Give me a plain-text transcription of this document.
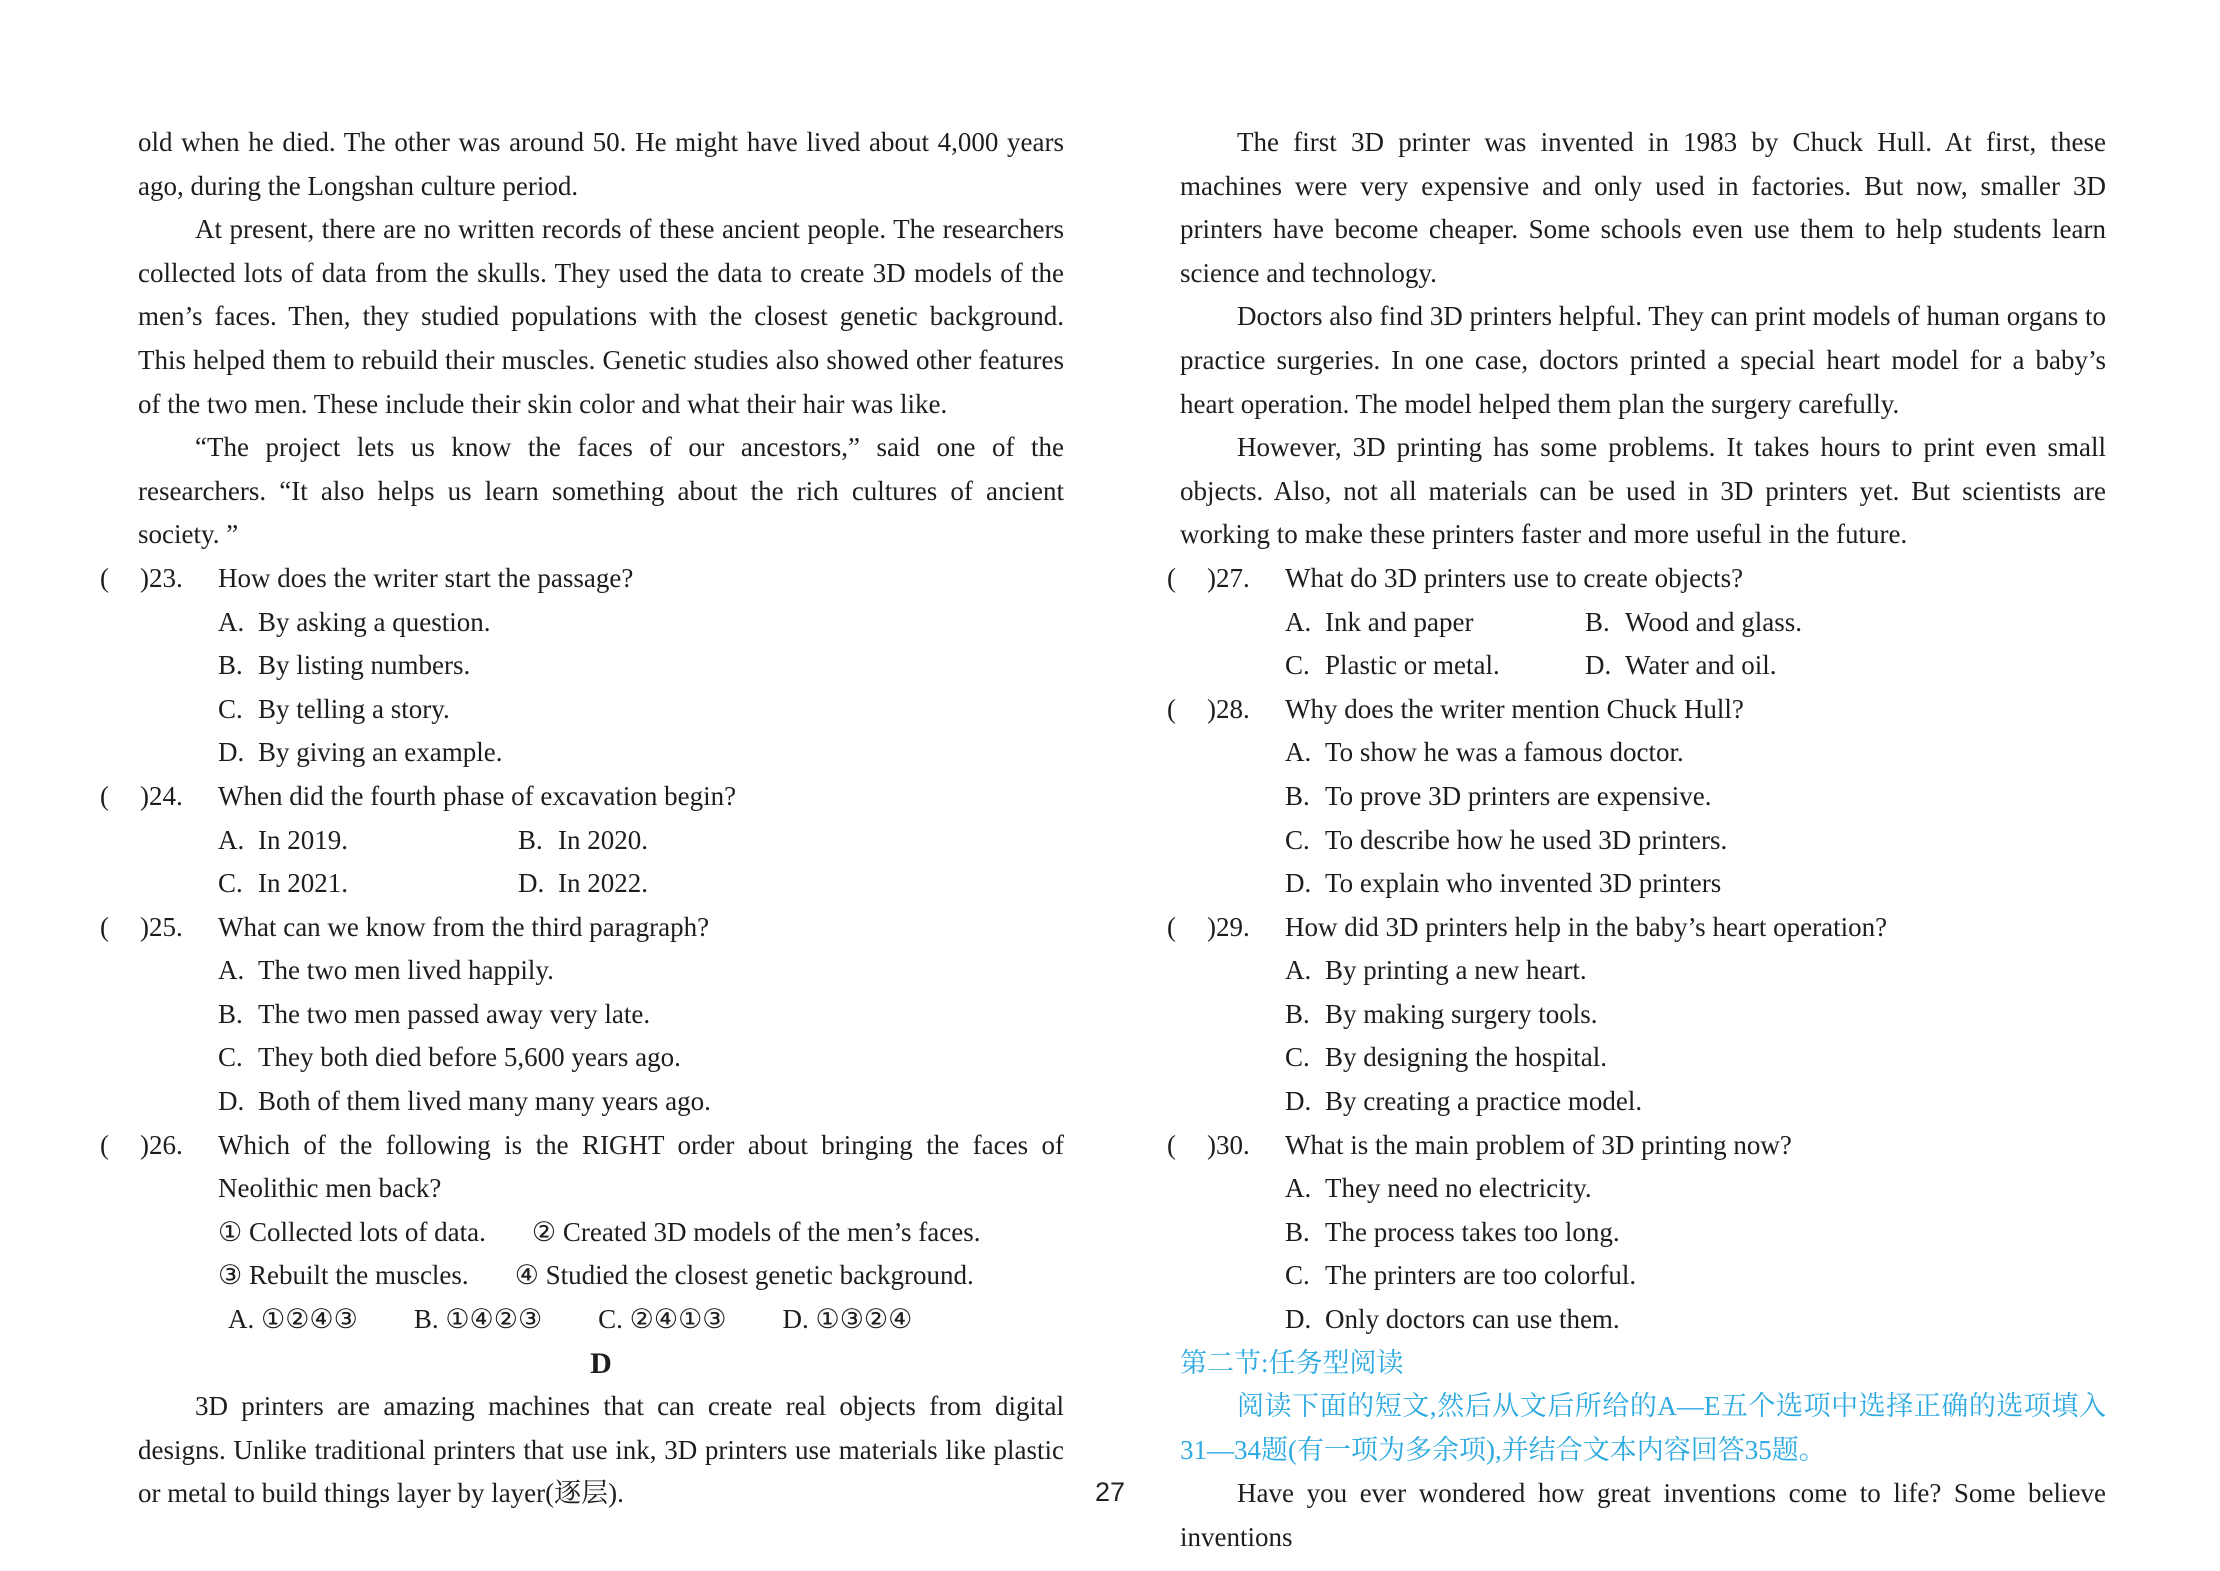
old when he died. The other was around 50. He might have lived about 4,000 years ago, during the Longshan culture period.

At present, there are no written records of these ancient people. The researchers collected lots of data from the skulls. They used the data to create 3D models of the men’s faces. Then, they studied populations with the closest genetic background. This helped them to rebuild their muscles. Genetic studies also showed other features of the two men. These include their skin color and what their hair was like.

“The project lets us know the faces of our ancestors,” said one of the researchers. “It also helps us learn something about the rich cultures of ancient society. ”

(	)23.	How does the writer start the passage?
A. By asking a question.
B. By listing numbers.
C. By telling a story.
D. By giving an example.
(	)24.	When did the fourth phase of excavation begin?
A. In 2019.	B. In 2020.
C. In 2021.	D. In 2022.
(	)25.	What can we know from the third paragraph?
A. The two men lived happily.
B. The two men passed away very late.
C. They both died before 5,600 years ago.
D. Both of them lived many many years ago.
(	)26.	Which of the following is the RIGHT order about bringing the faces of Neolithic men back?
① Collected lots of data. ② Created 3D models of the men’s faces.
③ Rebuilt the muscles. ④ Studied the closest genetic background.
A. ①②④③ B. ①④②③ C. ②④①③ D. ①③②④

D

3D printers are amazing machines that can create real objects from digital designs. Unlike traditional printers that use ink, 3D printers use materials like plastic or metal to build things layer by layer(逐层).

The first 3D printer was invented in 1983 by Chuck Hull. At first, these machines were very expensive and only used in factories. But now, smaller 3D printers have become cheaper. Some schools even use them to help students learn science and technology.

Doctors also find 3D printers helpful. They can print models of human organs to practice surgeries. In one case, doctors printed a special heart model for a baby’s heart operation. The model helped them plan the surgery carefully.

However, 3D printing has some problems. It takes hours to print even small objects. Also, not all materials can be used in 3D printers yet. But scientists are working to make these printers faster and more useful in the future.

(	)27.	What do 3D printers use to create objects?
A. Ink and paper	B. Wood and glass.
C. Plastic or metal.	D. Water and oil.
(	)28.	Why does the writer mention Chuck Hull?
A. To show he was a famous doctor.
B. To prove 3D printers are expensive.
C. To describe how he used 3D printers.
D. To explain who invented 3D printers
(	)29.	How did 3D printers help in the baby’s heart operation?
A. By printing a new heart.
B. By making surgery tools.
C. By designing the hospital.
D. By creating a practice model.
(	)30.	What is the main problem of 3D printing now?
A. They need no electricity.
B. The process takes too long.
C. The printers are too colorful.
D. Only doctors can use them.

第二节:任务型阅读

阅读下面的短文,然后从文后所给的A—E五个选项中选择正确的选项填入31—34题(有一项为多余项),并结合文本内容回答35题。

Have you ever wondered how great inventions come to life? Some believe inventions

27
